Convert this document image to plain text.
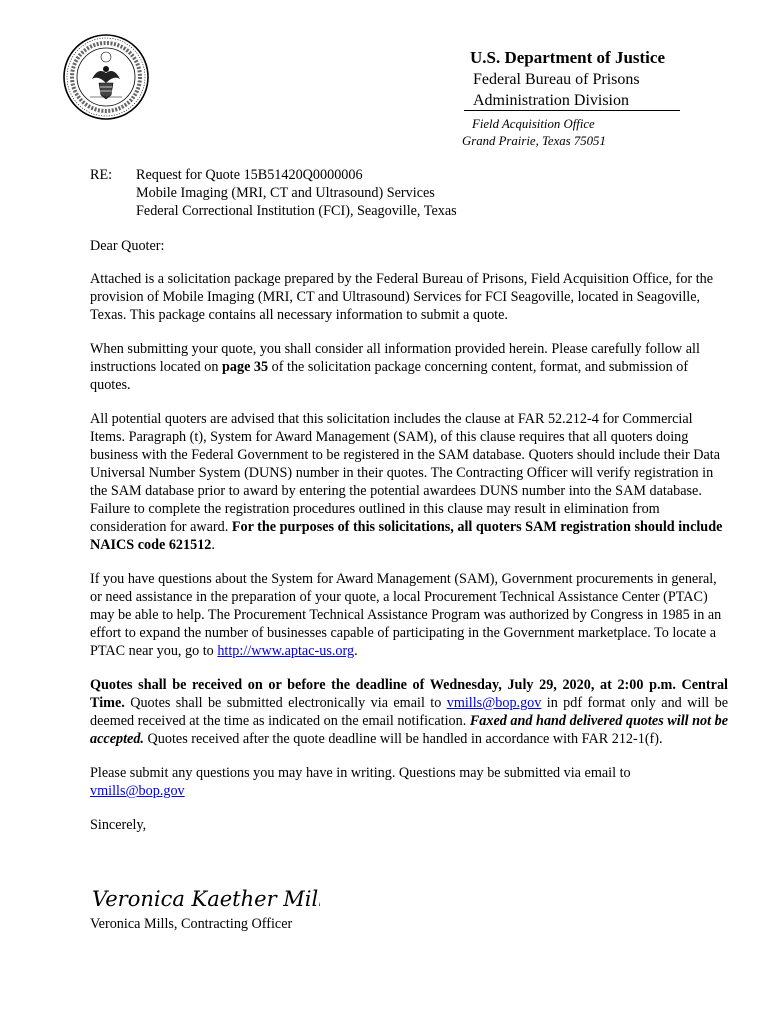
U.S. Department of Justice
Federal Bureau of Prisons
Administration Division
Field Acquisition Office
Grand Prairie, Texas 75051
RE: Request for Quote 15B51420Q0000006
Mobile Imaging (MRI, CT and Ultrasound) Services
Federal Correctional Institution (FCI), Seagoville, Texas

Dear Quoter:

Attached is a solicitation package prepared by the Federal Bureau of Prisons, Field Acquisition Office, for the provision of Mobile Imaging (MRI, CT and Ultrasound) Services for FCI Seagoville, located in Seagoville, Texas. This package contains all necessary information to submit a quote.

When submitting your quote, you shall consider all information provided herein. Please carefully follow all instructions located on page 35 of the solicitation package concerning content, format, and submission of quotes.

All potential quoters are advised that this solicitation includes the clause at FAR 52.212-4 for Commercial Items. Paragraph (t), System for Award Management (SAM), of this clause requires that all quoters doing business with the Federal Government to be registered in the SAM database. Quoters should include their Data Universal Number System (DUNS) number in their quotes. The Contracting Officer will verify registration in the SAM database prior to award by entering the potential awardees DUNS number into the SAM database. Failure to complete the registration procedures outlined in this clause may result in elimination from consideration for award. For the purposes of this solicitations, all quoters SAM registration should include NAICS code 621512.

If you have questions about the System for Award Management (SAM), Government procurements in general, or need assistance in the preparation of your quote, a local Procurement Technical Assistance Center (PTAC) may be able to help. The Procurement Technical Assistance Program was authorized by Congress in 1985 in an effort to expand the number of businesses capable of participating in the Government marketplace. To locate a PTAC near you, go to http://www.aptac-us.org.

Quotes shall be received on or before the deadline of Wednesday, July 29, 2020, at 2:00 p.m. Central Time. Quotes shall be submitted electronically via email to vmills@bop.gov in pdf format only and will be deemed received at the time as indicated on the email notification. Faxed and hand delivered quotes will not be accepted. Quotes received after the quote deadline will be handled in accordance with FAR 212-1(f).

Please submit any questions you may have in writing. Questions may be submitted via email to vmills@bop.gov

Sincerely,

Veronica Kaether Mills
Veronica Mills, Contracting Officer
